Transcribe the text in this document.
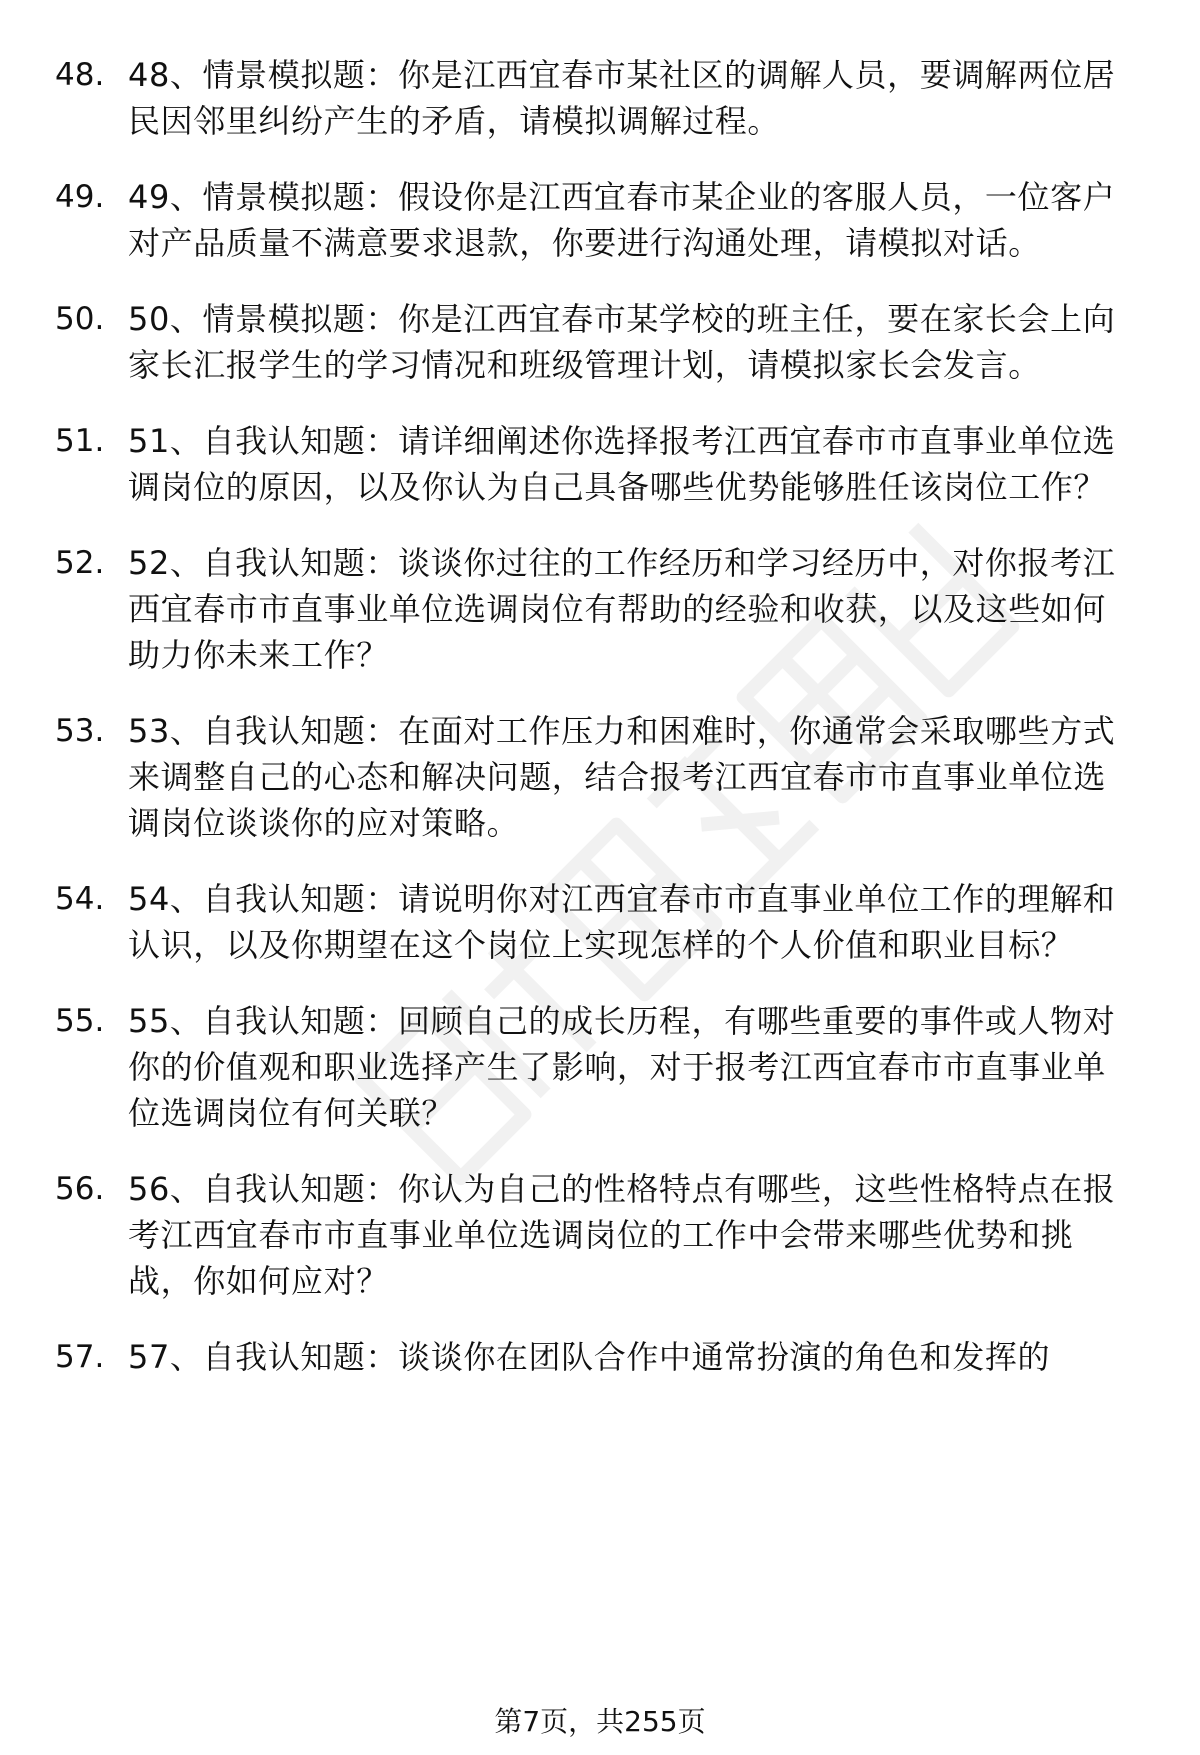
48. 48、情景模拟题：你是江西宜春市某社区的调解人员，要调解两位居民因邻里纠纷产生的矛盾，请模拟调解过程。
49. 49、情景模拟题：假设你是江西宜春市某企业的客服人员，一位客户对产品质量不满意要求退款，你要进行沟通处理，请模拟对话。
50. 50、情景模拟题：你是江西宜春市某学校的班主任，要在家长会上向家长汇报学生的学习情况和班级管理计划，请模拟家长会发言。
51. 51、自我认知题：请详细阐述你选择报考江西宜春市市直事业单位选调岗位的原因，以及你认为自己具备哪些优势能够胜任该岗位工作？
52. 52、自我认知题：谈谈你过往的工作经历和学习经历中，对你报考江西宜春市市直事业单位选调岗位有帮助的经验和收获，以及这些如何助力你未来工作？
53. 53、自我认知题：在面对工作压力和困难时，你通常会采取哪些方式来调整自己的心态和解决问题，结合报考江西宜春市市直事业单位选调岗位谈谈你的应对策略。
54. 54、自我认知题：请说明你对江西宜春市市直事业单位工作的理解和认识，以及你期望在这个岗位上实现怎样的个人价值和职业目标？
55. 55、自我认知题：回顾自己的成长历程，有哪些重要的事件或人物对你的价值观和职业选择产生了影响，对于报考江西宜春市市直事业单位选调岗位有何关联？
56. 56、自我认知题：你认为自己的性格特点有哪些，这些性格特点在报考江西宜春市市直事业单位选调岗位的工作中会带来哪些优势和挑战，你如何应对？
57. 57、自我认知题：谈谈你在团队合作中通常扮演的角色和发挥的
第7页，共255页
